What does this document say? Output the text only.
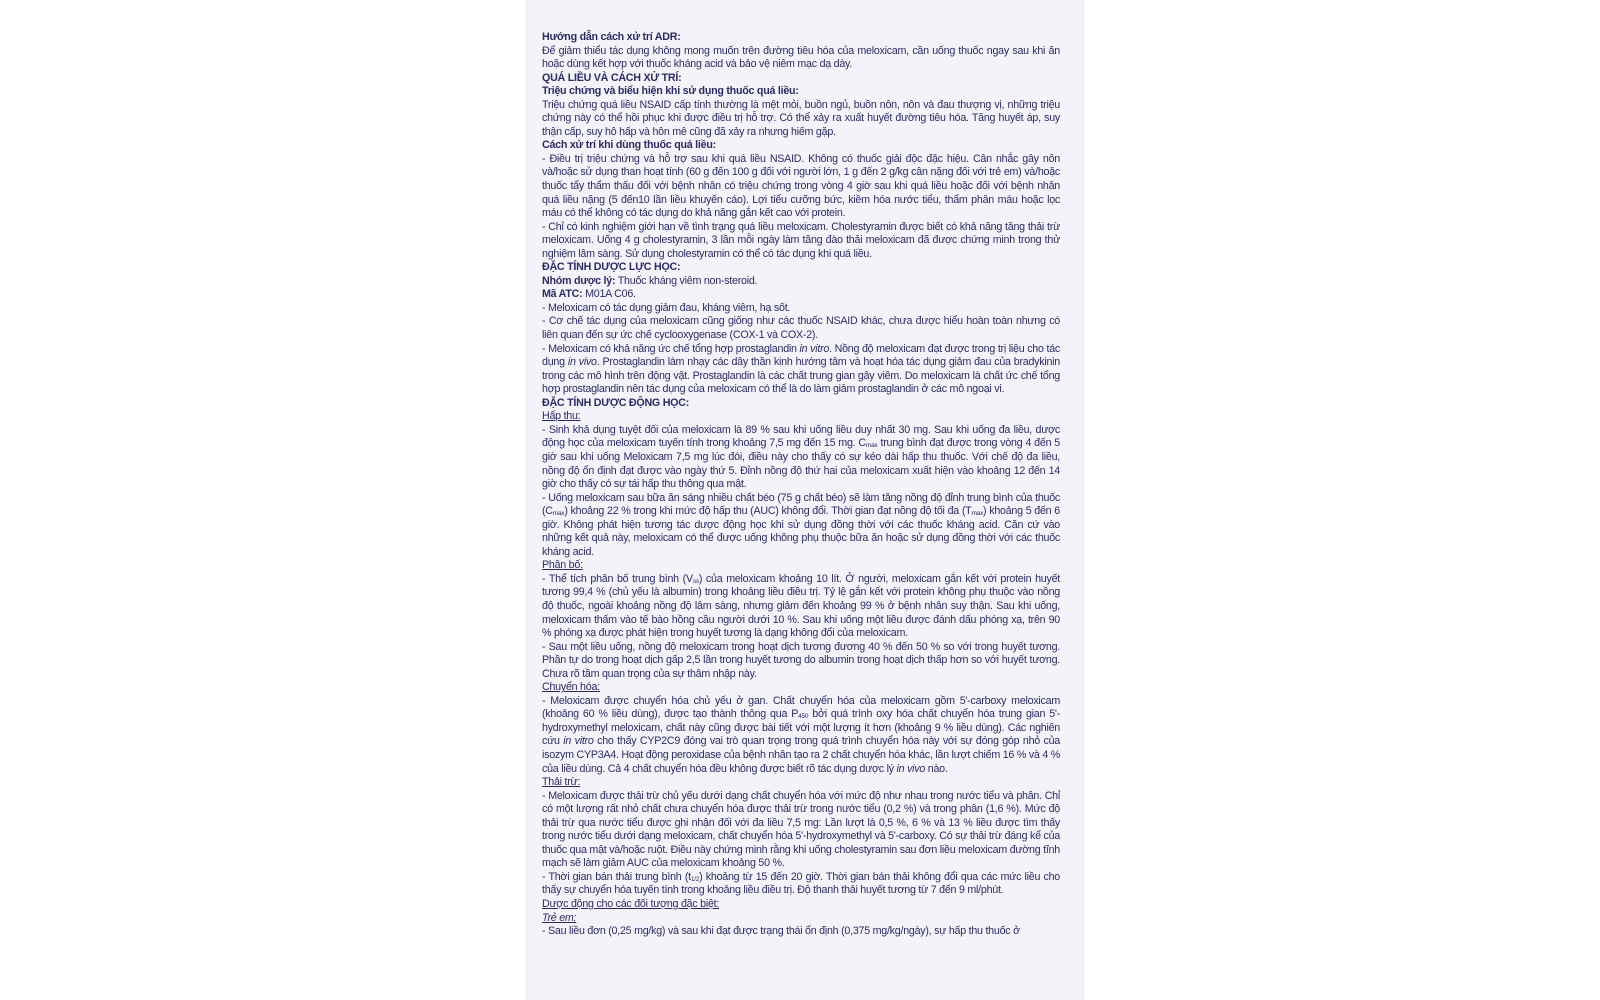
Hướng dẫn cách xử trí ADR:

Để giảm thiểu tác dụng không mong muốn trên đường tiêu hóa của meloxicam, cần uống thuốc ngay sau khi ăn hoặc dùng kết hợp với thuốc kháng acid và bảo vệ niêm mạc dạ dày.

QUÁ LIỀU VÀ CÁCH XỬ TRÍ:

Triệu chứng và biểu hiện khi sử dụng thuốc quá liều:

Triệu chứng quá liều NSAID cấp tính thường là mệt mỏi, buồn ngủ, buồn nôn, nôn và đau thượng vị, những triệu chứng này có thể hồi phục khi được điều trị hỗ trợ. Có thể xảy ra xuất huyết đường tiêu hóa. Tăng huyết áp, suy thận cấp, suy hô hấp và hôn mê cũng đã xảy ra nhưng hiếm gặp.

Cách xử trí khi dùng thuốc quá liều:

- Điều trị triệu chứng và hỗ trợ sau khi quá liều NSAID. Không có thuốc giải độc đặc hiệu. Cân nhắc gây nôn và/hoặc sử dụng than hoạt tính (60 g đến 100 g đối với người lớn, 1 g đến 2 g/kg cân nặng đối với trẻ em) và/hoặc thuốc tẩy thẩm thấu đối với bệnh nhân có triệu chứng trong vòng 4 giờ sau khi quá liều hoặc đối với bệnh nhân quá liều nặng (5 đến10 lần liều khuyến cáo). Lợi tiểu cưỡng bức, kiềm hóa nước tiểu, thẩm phân máu hoặc lọc máu có thể không có tác dụng do khả năng gắn kết cao với protein.

- Chỉ có kinh nghiệm giới hạn về tình trạng quá liều meloxicam. Cholestyramin được biết có khả năng tăng thải trừ meloxicam. Uống 4 g cholestyramin, 3 lần mỗi ngày làm tăng đào thải meloxicam đã được chứng minh trong thử nghiệm lâm sàng. Sử dụng cholestyramin có thể có tác dụng khi quá liều.

ĐẶC TÍNH DƯỢC LỰC HỌC:

Nhóm dược lý: Thuốc kháng viêm non-steroid.

Mã ATC: M01A C06.

- Meloxicam có tác dụng giảm đau, kháng viêm, hạ sốt.

- Cơ chế tác dụng của meloxicam cũng giống như các thuốc NSAID khác, chưa được hiểu hoàn toàn nhưng có liên quan đến sự ức chế cyclooxygenase (COX-1 và COX-2).

- Meloxicam có khả năng ức chế tổng hợp prostaglandin in vitro. Nồng độ meloxicam đạt được trong trị liệu cho tác dụng in vivo. Prostaglandin làm nhạy các dây thần kinh hướng tâm và hoạt hóa tác dụng giảm đau của bradykinin trong các mô hình trên động vật. Prostaglandin là các chất trung gian gây viêm. Do meloxicam là chất ức chế tổng hợp prostaglandin nên tác dụng của meloxicam có thể là do làm giảm prostaglandin ở các mô ngoại vi.

ĐẶC TÍNH DƯỢC ĐỘNG HỌC:

Hấp thu:

- Sinh khả dụng tuyệt đối của meloxicam là 89 % sau khi uống liều duy nhất 30 mg. Sau khi uống đa liều, dược động học của meloxicam tuyến tính trong khoảng 7,5 mg đến 15 mg. $C_{max}$ trung bình đạt được trong vòng 4 đến 5 giờ sau khi uống Meloxicam 7,5 mg lúc đói, điều này cho thấy có sự kéo dài hấp thu thuốc. Với chế độ đa liều, nồng độ ổn định đạt được vào ngày thứ 5. Đỉnh nồng độ thứ hai của meloxicam xuất hiện vào khoảng 12 đến 14 giờ cho thấy có sự tái hấp thu thông qua mật.

- Uống meloxicam sau bữa ăn sáng nhiều chất béo (75 g chất béo) sẽ làm tăng nồng độ đỉnh trung bình của thuốc $(C_{max})$ khoảng 22 % trong khi mức độ hấp thu (AUC) không đổi. Thời gian đạt nồng độ tối đa $(T_{max})$ khoảng 5 đến 6 giờ. Không phát hiện tương tác dược động học khi sử dụng đồng thời với các thuốc kháng acid. Căn cứ vào những kết quả này, meloxicam có thể được uống không phụ thuộc bữa ăn hoặc sử dụng đồng thời với các thuốc kháng acid.

Phân bố:

- Thể tích phân bố trung bình $(V_{ss})$ của meloxicam khoảng 10 lít. Ở người, meloxicam gắn kết với protein huyết tương 99,4 % (chủ yếu là albumin) trong khoảng liều điều trị. Tỷ lệ gắn kết với protein không phụ thuộc vào nồng độ thuốc, ngoài khoảng nồng độ lâm sàng, nhưng giảm đến khoảng 99 % ở bệnh nhân suy thận. Sau khi uống, meloxicam thấm vào tế bào hồng cầu người dưới 10 %. Sau khi uống một liều được đánh dấu phóng xạ, trên 90 % phóng xạ được phát hiện trong huyết tương là dạng không đổi của meloxicam.

- Sau một liều uống, nồng độ meloxicam trong hoạt dịch tương đương 40 % đến 50 % so với trong huyết tương. Phần tự do trong hoạt dịch gấp 2,5 lần trong huyết tương do albumin trong hoạt dịch thấp hơn so với huyết tương. Chưa rõ tầm quan trọng của sự thâm nhập này.

Chuyển hóa:

- Meloxicam được chuyển hóa chủ yếu ở gan. Chất chuyển hóa của meloxicam gồm 5'-carboxy meloxicam (khoảng 60 % liều dùng), được tạo thành thông qua $P_{450}$ bởi quá trình oxy hóa chất chuyển hóa trung gian 5'-hydroxymethyl meloxicam, chất này cũng được bài tiết với một lượng ít hơn (khoảng 9 % liều dùng). Các nghiên cứu in vitro cho thấy CYP2C9 đóng vai trò quan trọng trong quá trình chuyển hóa này với sự đóng góp nhỏ của isozym CYP3A4. Hoạt động peroxidase của bệnh nhân tạo ra 2 chất chuyển hóa khác, lần lượt chiếm 16 % và 4 % của liều dùng. Cả 4 chất chuyển hóa đều không được biết rõ tác dụng dược lý in vivo nào.

Thải trừ:

- Meloxicam được thải trừ chủ yếu dưới dạng chất chuyển hóa với mức độ như nhau trong nước tiểu và phân. Chỉ có một lượng rất nhỏ chất chưa chuyển hóa được thải trừ trong nước tiểu (0,2 %) và trong phân (1,6 %). Mức độ thải trừ qua nước tiểu được ghi nhận đối với đa liều 7,5 mg: Lần lượt là 0,5 %, 6 % và 13 % liều được tìm thấy trong nước tiểu dưới dạng meloxicam, chất chuyển hóa 5'-hydroxymethyl và 5'-carboxy. Có sự thải trừ đáng kể của thuốc qua mật và/hoặc ruột. Điều này chứng minh rằng khi uống cholestyramin sau đơn liều meloxicam đường tĩnh mạch sẽ làm giảm AUC của meloxicam khoảng 50 %.

- Thời gian bán thải trung bình $(t_{1/2})$ khoảng từ 15 đến 20 giờ. Thời gian bán thải không đổi qua các mức liều cho thấy sự chuyển hóa tuyến tính trong khoảng liều điều trị. Độ thanh thải huyết tương từ 7 đến 9 ml/phút.

Dược động cho các đối tượng đặc biệt:

Trẻ em:

- Sau liều đơn (0,25 mg/kg) và sau khi đạt được trạng thái ổn định (0,375 mg/kg/ngày), sự hấp thu thuốc ở
